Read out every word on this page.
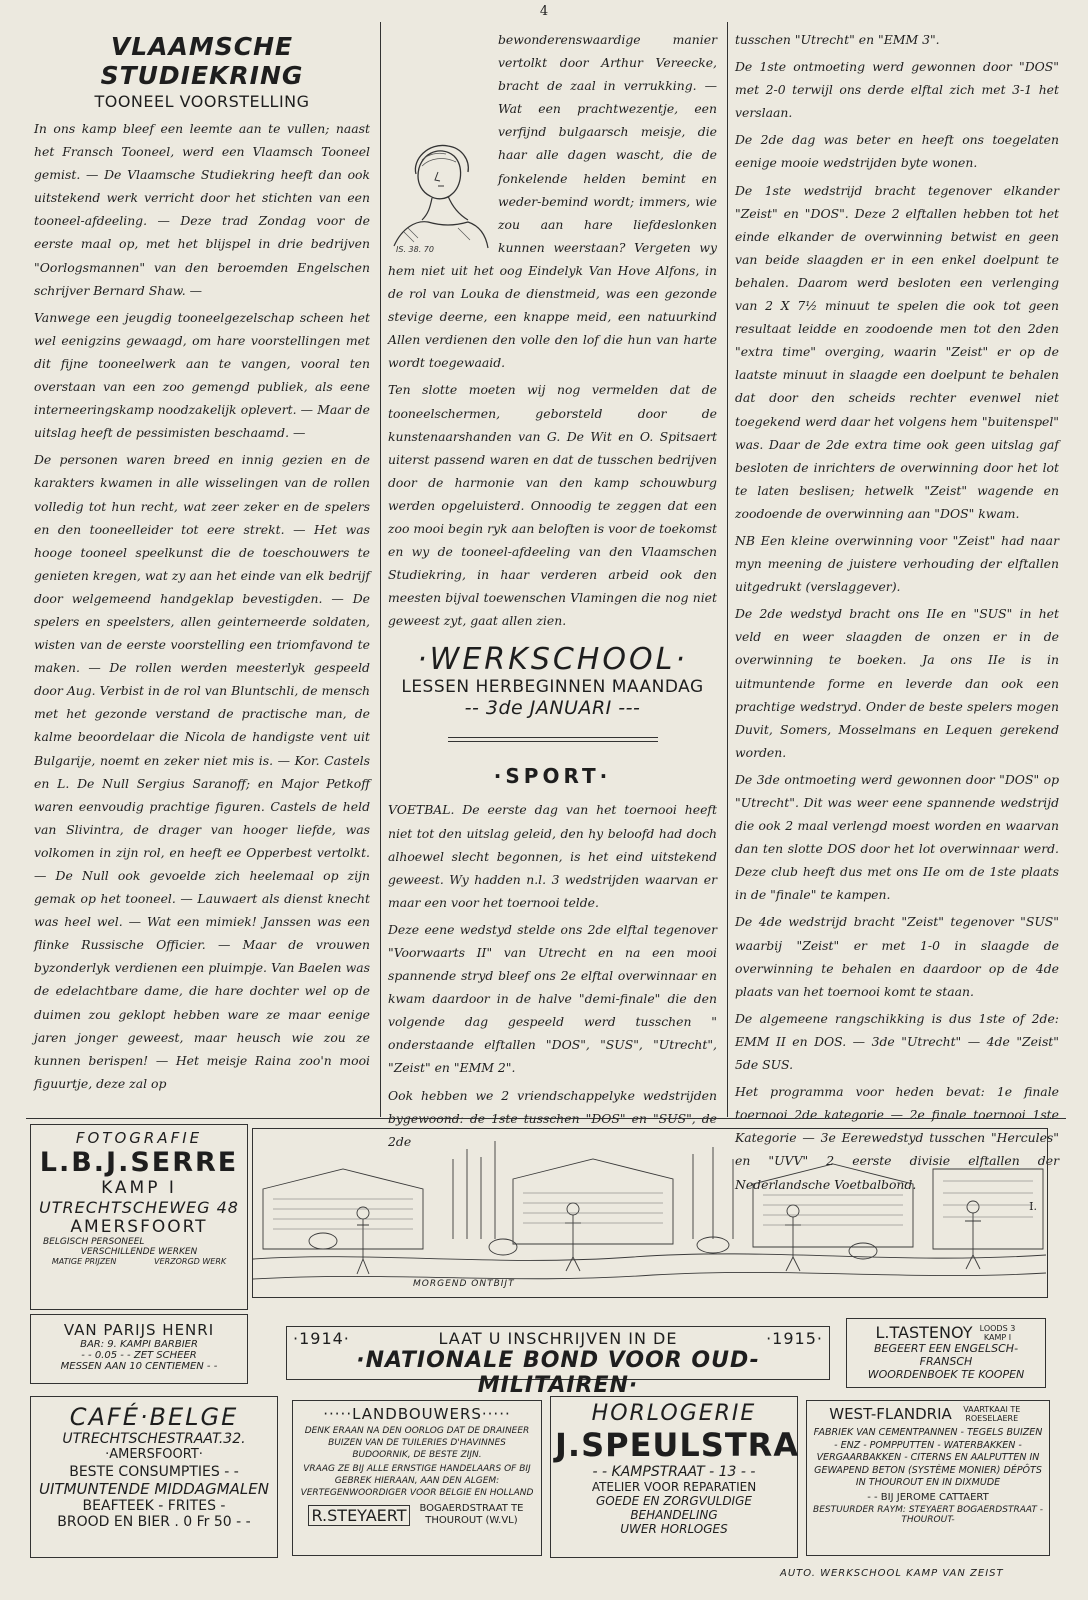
4
VLAAMSCHE STUDIEKRING
TOONEEL VOORSTELLING

In ons kamp bleef een leemte aan te vullen; naast het Fransch Tooneel, werd een Vlaamsch Tooneel gemist. — De Vlaamsche Studiekring heeft dan ook uitstekend werk verricht door het stichten van een tooneel-afdeeling. — Deze trad Zondag voor de eerste maal op, met het blijspel in drie bedrijven "Oorlogsmannen" van den beroemden Engelschen schrijver Bernard Shaw. —

Vanwege een jeugdig tooneelgezelschap scheen het wel eenigzins gewaagd, om hare voorstellingen met dit fijne tooneelwerk aan te vangen, vooral ten overstaan van een zoo gemengd publiek, als eene interneeringskamp noodzakelijk oplevert. — Maar de uitslag heeft de pessimisten beschaamd. —

De personen waren breed en innig gezien en de karakters kwamen in alle wisselingen van de rollen volledig tot hun recht, wat zeer zeker en de spelers en den tooneelleider tot eere strekt. — Het was hooge tooneel speelkunst die de toeschouwers te genieten kregen, wat zy aan het einde van elk bedrijf door welgemeend handgeklap bevestigden. — De spelers en speelsters, allen geinterneerde soldaten, wisten van de eerste voorstelling een triomfavond te maken. — De rollen werden meesterlyk gespeeld door Aug. Verbist in de rol van Bluntschli, de mensch met het gezonde verstand de practische man, de kalme beoordelaar die Nicola de handigste vent uit Bulgarije, noemt en zeker niet mis is. — Kor. Castels en L. De Null Sergius Saranoff; en Major Petkoff waren eenvoudig prachtige figuren. Castels de held van Slivintra, de drager van hooger liefde, was volkomen in zijn rol, en heeft ee Opperbest vertolkt. — De Null ook gevoelde zich heelemaal op zijn gemak op het tooneel. — Lauwaert als dienst knecht was heel wel. — Wat een mimiek! Janssen was een flinke Russische Officier. — Maar de vrouwen byzonderlyk verdienen een pluimpje. Van Baelen was de edelachtbare dame, die hare dochter wel op de duimen zou geklopt hebben ware ze maar eenige jaren jonger geweest, maar heusch wie zou ze kunnen berispen! — Het meisje Raina zoo'n mooi figuurtje, deze zal op

IS. 38. 70
bewonderenswaardige manier vertolkt door Arthur Vereecke, bracht de zaal in verrukking. — Wat een prachtwezentje, een verfijnd bulgaarsch meisje, die haar alle dagen wascht, die de fonkelende helden bemint en weder-bemind wordt; immers, wie zou aan hare liefdeslonken kunnen weerstaan? Vergeten wy hem niet uit het oog Eindelyk Van Hove Alfons, in de rol van Louka de dienstmeid, was een gezonde stevige deerne, een knappe meid, een natuurkind Allen verdienen den volle den lof die hun van harte wordt toegewaaid.

Ten slotte moeten wij nog vermelden dat de tooneelschermen, geborsteld door de kunstenaarshanden van G. De Wit en O. Spitsaert uiterst passend waren en dat de tusschen bedrijven door de harmonie van den kamp schouwburg werden opgeluisterd. Onnoodig te zeggen dat een zoo mooi begin ryk aan beloften is voor de toekomst en wy de tooneel-afdeeling van den Vlaamschen Studiekring, in haar verderen arbeid ook den meesten bijval toewenschen Vlamingen die nog niet geweest zyt, gaat allen zien.

·WERKSCHOOL·
LESSEN HERBEGINNEN MAANDAG
-- 3de JANUARI ---
·SPORT·

VOETBAL. De eerste dag van het toernooi heeft niet tot den uitslag geleid, den hy beloofd had doch alhoewel slecht begonnen, is het eind uitstekend geweest. Wy hadden n.l. 3 wedstrijden waarvan er maar een voor het toernooi telde.

Deze eene wedstyd stelde ons 2de elftal tegenover "Voorwaarts II" van Utrecht en na een mooi spannende stryd bleef ons 2e elftal overwinnaar en kwam daardoor in de halve "demi-finale" die den volgende dag gespeeld werd tusschen " onderstaande elftallen "DOS", "SUS", "Utrecht", "Zeist" en "EMM 2".

Ook hebben we 2 vriendschappelyke wedstrijden bygewoond: de 1ste tusschen "DOS" en "SUS", de 2de

tusschen "Utrecht" en "EMM 3".

De 1ste ontmoeting werd gewonnen door "DOS" met 2-0 terwijl ons derde elftal zich met 3-1 het verslaan.

De 2de dag was beter en heeft ons toegelaten eenige mooie wedstrijden byte wonen.

De 1ste wedstrijd bracht tegenover elkander "Zeist" en "DOS". Deze 2 elftallen hebben tot het einde elkander de overwinning betwist en geen van beide slaagden er in een enkel doelpunt te behalen. Daarom werd besloten een verlenging van 2 X 7½ minuut te spelen die ook tot geen resultaat leidde en zoodoende men tot den 2den "extra time" overging, waarin "Zeist" er op de laatste minuut in slaagde een doelpunt te behalen dat door den scheids rechter evenwel niet toegekend werd daar het volgens hem "buitenspel" was. Daar de 2de extra time ook geen uitslag gaf besloten de inrichters de overwinning door het lot te laten beslisen; hetwelk "Zeist" wagende en zoodoende de overwinning aan "DOS" kwam.

NB Een kleine overwinning voor "Zeist" had naar myn meening de juistere verhouding der elftallen uitgedrukt (verslaggever).

De 2de wedstyd bracht ons IIe en "SUS" in het veld en weer slaagden de onzen er in de overwinning te boeken. Ja ons IIe is in uitmuntende forme en leverde dan ook een prachtige wedstryd. Onder de beste spelers mogen Duvit, Somers, Mosselmans en Lequen gerekend worden.

De 3de ontmoeting werd gewonnen door "DOS" op "Utrecht". Dit was weer eene spannende wedstrijd die ook 2 maal verlengd moest worden en waarvan dan ten slotte DOS door het lot overwinnaar werd. Deze club heeft dus met ons IIe om de 1ste plaats in de "finale" te kampen.

De 4de wedstrijd bracht "Zeist" tegenover "SUS" waarbij "Zeist" er met 1-0 in slaagde de overwinning te behalen en daardoor op de 4de plaats van het toernooi komt te staan.

De algemeene rangschikking is dus 1ste of 2de: EMM II en DOS. — 3de "Utrecht" — 4de "Zeist" 5de SUS.

Het programma voor heden bevat: 1e finale toernooi 2de kategorie — 2e finale toernooi 1ste Kategorie — 3e Eerewedstyd tusschen "Hercules" en "UVV" 2 eerste divisie elftallen der Nederlandsche Voetbalbond.

I.
FOTOGRAFIE
L.B.J.SERRE
KAMP I
UTRECHTSCHEWEG 48
AMERSFOORT
BELGISCH PERSONEEL
VERSCHILLENDE WERKEN
MATIGE PRIJZEN	VERZORGD WERK
MORGEND ONTBIJT
VAN PARIJS HENRI
BAR: 9. KAMPI BARBIER
- - 0.05 - - ZET SCHEER
MESSEN AAN 10 CENTIEMEN - -
·1914·	LAAT U INSCHRIJVEN IN DE	·1915·
·NATIONALE BOND VOOR OUD-MILITAIREN·
L.TASTENOY LOODS 3 KAMP I
BEGEERT EEN ENGELSCH-FRANSCH
WOORDENBOEK TE KOOPEN
CAFÉ·BELGE
UTRECHTSCHESTRAAT.32.
·AMERSFOORT·
BESTE CONSUMPTIES - -
UITMUNTENDE MIDDAGMALEN
BEAFTEEK - FRITES -
BROOD EN BIER . 0 Fr 50 - -
·····LANDBOUWERS·····
DENK ERAAN NA DEN OORLOG DAT DE DRAINEER BUIZEN VAN DE TUILERIES D'HAVINNES BUDOORNIK, DE BESTE ZIJN.
VRAAG ZE BIJ ALLE ERNSTIGE HANDELAARS OF BIJ GEBREK HIERAAN, AAN DEN ALGEM: VERTEGENWOORDIGER VOOR BELGIE EN HOLLAND
R.STEYAERT	BOGAERDSTRAAT TE THOUROUT (W.VL)
HORLOGERIE
J.SPEULSTRA
- - KAMPSTRAAT - 13 - -
ATELIER VOOR REPARATIEN
GOEDE EN ZORGVULDIGE BEHANDELING
UWER HORLOGES
WEST-FLANDRIA	VAARTKAAI TE ROESELAERE
FABRIEK VAN CEMENTPANNEN - TEGELS BUIZEN - ENZ - POMPPUTTEN - WATERBAKKEN - VERGAARBAKKEN - CITERNS EN AALPUTTEN IN GEWAPEND BETON (SYSTÈME MONIER) DÉPÔTS IN THOUROUT EN IN DIXMUDE
- - BIJ JEROME CATTAERT
BESTUURDER RAYM: STEYAERT BOGAERDSTRAAT -THOUROUT-
AUTO. WERKSCHOOL KAMP VAN ZEIST
